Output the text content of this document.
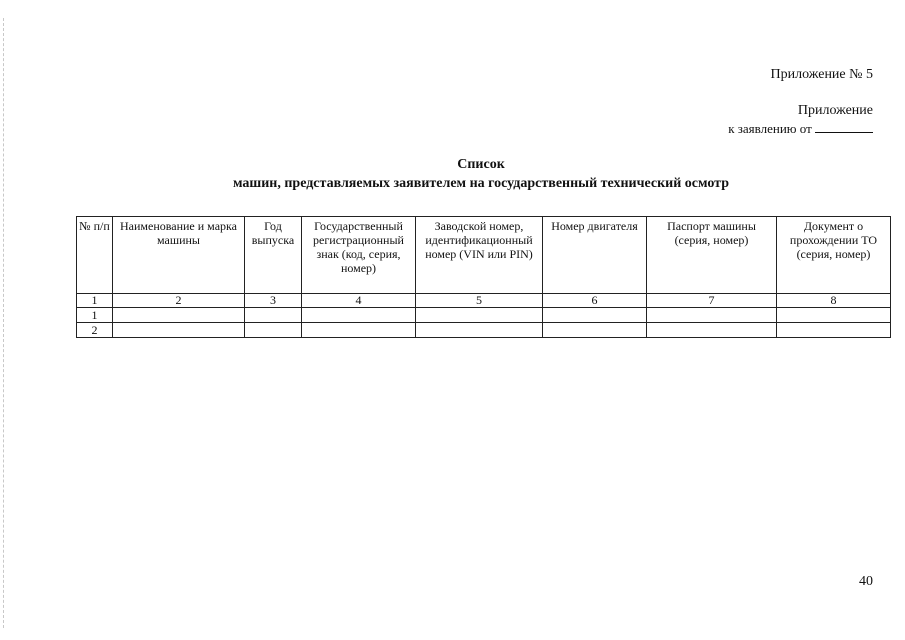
Приложение № 5
Приложение
к заявлению от
Список
машин, представляемых заявителем на государственный технический осмотр
№ п/п	Наименование и марка машины	Год выпуска	Государственный регистрационный знак (код, серия, номер)	Заводской номер, идентификационный номер (VIN или PIN)	Номер двигателя	Паспорт машины (серия, номер)	Документ о прохождении ТО (серия, номер)
1	2	3	4	5	6	7	8
1							
2							
40
